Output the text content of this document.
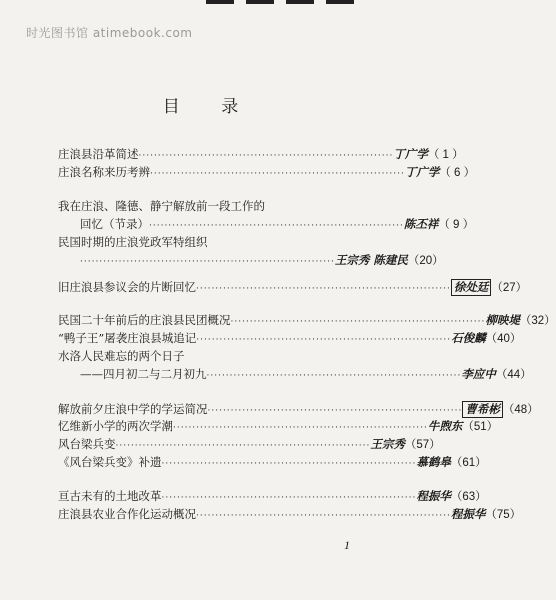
时光图书馆 atimebook.com
目 录
庄浪县沿革简述 ·································································· 丁广学 （ 1 ）
庄浪名称来历考辨 ·································································· 丁广学 （ 6 ）
我在庄浪、隆德、静宁解放前一段工作的
回忆（节录） ·································································· 陈丕祥 （ 9 ）
民国时期的庄浪党政军特组织
·································································· 王宗秀 陈建民 （20）
旧庄浪县参议会的片断回忆 ·································································· 徐处廷 （27）
民国二十年前后的庄浪县民团概况 ·································································· 柳映堤 （32）
“鸭子王”屠袭庄浪县城追记 ·································································· 石俊麟 （40）
水洛人民难忘的两个日子
——四月初二与二月初九 ·································································· 李应中 （44）
解放前夕庄浪中学的学运简况 ·································································· 曹希彬 （48）
忆维新小学的两次学潮 ·································································· 牛煦东 （51）
风台梁兵变 ·································································· 王宗秀 （57）
《风台梁兵变》补遗 ·································································· 慕鹤皋 （61）
亘古未有的土地改革 ·································································· 程振华 （63）
庄浪县农业合作化运动概况 ·································································· 程振华 （75）
1
